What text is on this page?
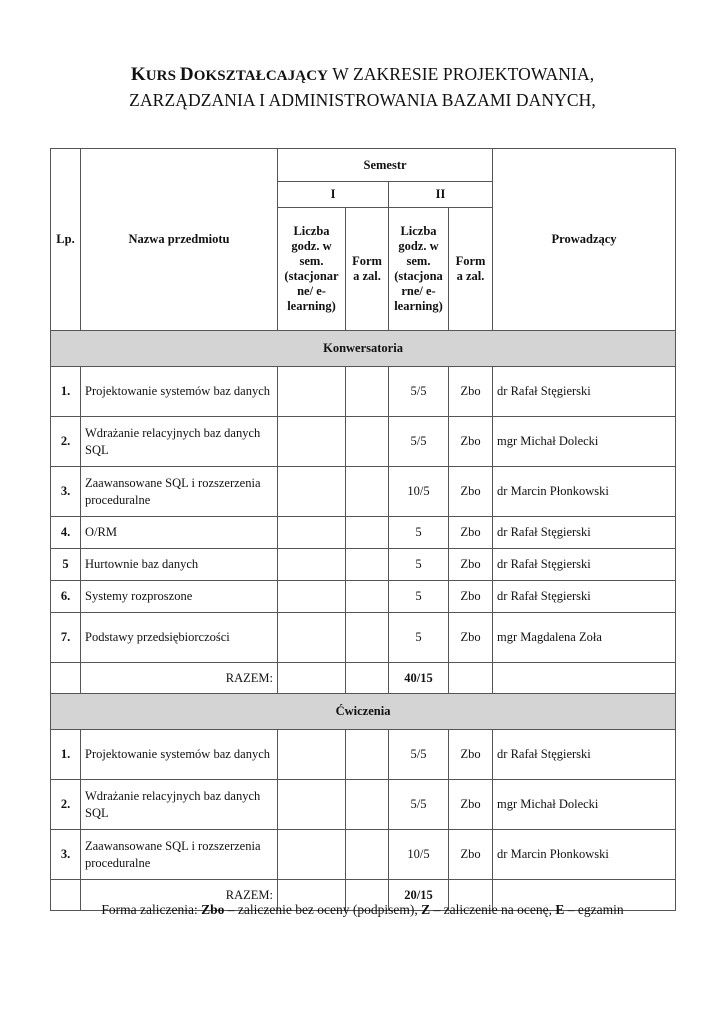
KURS DOKSZTAŁCAJĄCY W ZAKRESIE PROJEKTOWANIA,
ZARZĄDZANIA I ADMINISTROWANIA BAZAMI DANYCH,
Lp.	Nazwa przedmiotu	Semestr				Prowadzący
		I		II		
		Liczba godz. w sem. (stacjonar ne/ e-learning)	Form a zal.	Liczba godz. w sem. (stacjona rne/ e-learning)	Form a zal.	
Konwersatoria						
1.	Projektowanie systemów baz danych			5/5	Zbo	dr Rafał Stęgierski
2.	Wdrażanie relacyjnych baz danych SQL			5/5	Zbo	mgr Michał Dolecki
3.	Zaawansowane SQL i rozszerzenia proceduralne			10/5	Zbo	dr Marcin Płonkowski
4.	O/RM			5	Zbo	dr Rafał Stęgierski
5	Hurtownie baz danych			5	Zbo	dr Rafał Stęgierski
6.	Systemy rozproszone			5	Zbo	dr Rafał Stęgierski
7.	Podstawy przedsiębiorczości			5	Zbo	mgr Magdalena Zoła
	RAZEM:			40/15		
Ćwiczenia						
1.	Projektowanie systemów baz danych			5/5	Zbo	dr Rafał Stęgierski
2.	Wdrażanie relacyjnych baz danych SQL			5/5	Zbo	mgr Michał Dolecki
3.	Zaawansowane SQL i rozszerzenia proceduralne			10/5	Zbo	dr Marcin Płonkowski
	RAZEM:			20/15		
Forma zaliczenia: Zbo – zaliczenie bez oceny (podpisem), Z – zaliczenie na ocenę, E – egzamin
